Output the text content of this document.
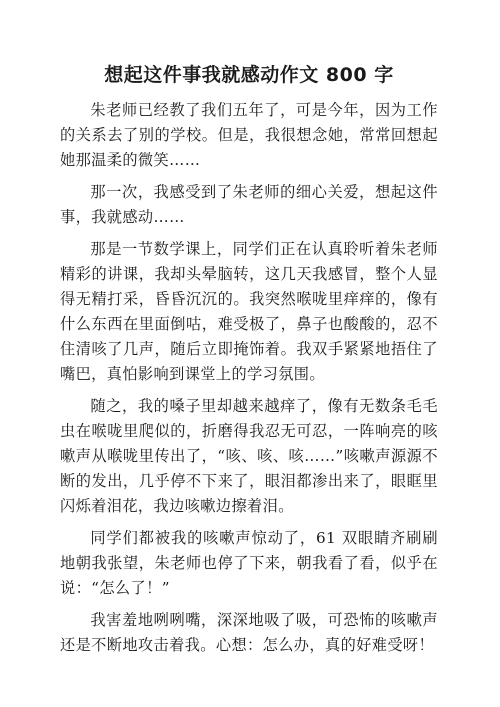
想起这件事我就感动作文 800 字

朱老师已经教了我们五年了，可是今年，因为工作的关系去了别的学校。但是，我很想念她，常常回想起她那温柔的微笑……

那一次，我感受到了朱老师的细心关爱，想起这件事，我就感动……

那是一节数学课上，同学们正在认真聆听着朱老师精彩的讲课，我却头晕脑转，这几天我感冒，整个人显得无精打采，昏昏沉沉的。我突然喉咙里痒痒的，像有什么东西在里面倒咕，难受极了，鼻子也酸酸的，忍不住清咳了几声，随后立即掩饰着。我双手紧紧地捂住了嘴巴，真怕影响到课堂上的学习氛围。

随之，我的嗓子里却越来越痒了，像有无数条毛毛虫在喉咙里爬似的，折磨得我忍无可忍，一阵响亮的咳嗽声从喉咙里传出了，“咳、咳、咳……”咳嗽声源源不断的发出，几乎停不下来了，眼泪都渗出来了，眼眶里闪烁着泪花，我边咳嗽边擦着泪。

同学们都被我的咳嗽声惊动了，61 双眼睛齐刷刷地朝我张望，朱老师也停了下来，朝我看了看，似乎在说：“怎么了！”

我害羞地咧咧嘴，深深地吸了吸，可恐怖的咳嗽声还是不断地攻击着我。心想：怎么办，真的好难受呀！
